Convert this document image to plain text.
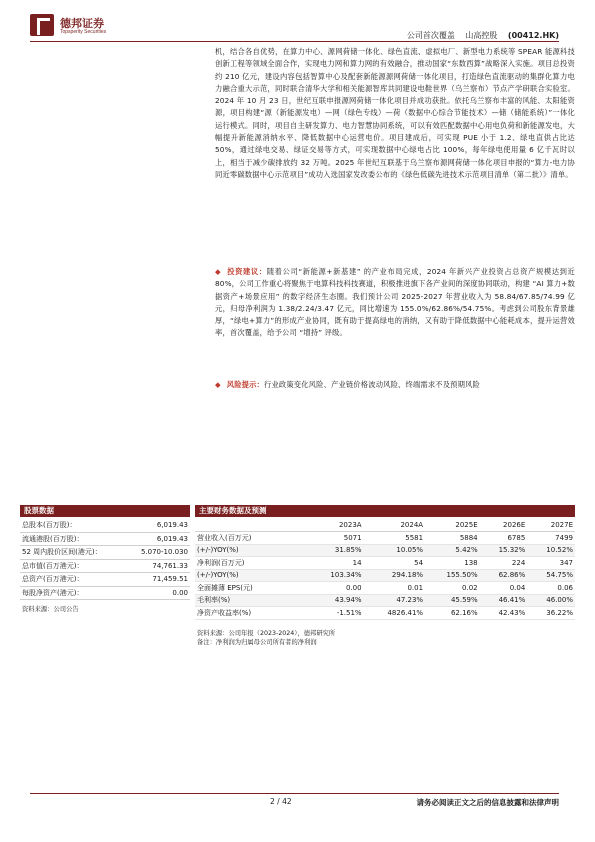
德邦证券
Topsperity Securities	公司首次覆盖 山高控股 (00412.HK)
机，结合各自优势，在算力中心、源网荷储一体化、绿色直流、虚拟电厂、新型电力系统等 SPEAR 能源科技创新工程等领域全面合作，实现电力网和算力网的有效融合，推动国家“东数西算”战略深入实施。项目总投资约 210 亿元，建设内容包括智算中心及配套新能源源网荷储一体化项目，打造绿色直流驱动的集群化算力电力融合重大示范，同时联合清华大学和相关能源智库共同建设电鞋世界（乌兰察布）节点产学研联合实验室。2024 年 10 月 23 日，世纪互联申报源网荷储一体化项目并成功获批。依托乌兰察布丰富的风能、太阳能资源，项目构建“源（新能源发电）—网（绿色专线）—荷（数据中心综合节能技术）—储（储能系统）”一体化运行模式。同时，项目自主研发算力、电力智慧协同系统，可以有效匹配数据中心用电负荷和新能源发电，大幅提升新能源消纳水平、降低数据中心运营电价。项目建成后，可实现 PUE 小于 1.2、绿电直供占比达 50%，通过绿电交易、绿证交易等方式，可实现数据中心绿电占比 100%，每年绿电使用量 6 亿千瓦时以上，相当于减少碳排放约 32 万吨。2025 年世纪互联基于乌兰察布源网荷储一体化项目申报的“算力-电力协同近零碳数据中心示范项目”成功入选国家发改委公布的《绿色低碳先进技术示范项目清单（第二批）》清单。
◆ 投资建议：随着公司“新能源+新基建” 的产业布局完成，2024 年新兴产业投资占总资产规模达到近 80%，公司工作重心将聚焦于电算科技科技赛道，积极推进旗下各产业间的深度协同联动，构建 “AI 算力+数据资产+场景应用” 的数字经济生态圈。我们预计公司 2025-2027 年营业收入为 58.84/67.85/74.99 亿元，归母净利润为 1.38/2.24/3.47 亿元，同比增速为 155.0%/62.86%/54.75%。考虑到公司股东背景雄厚，“绿电+算力”的形成产业协同，既有助于提高绿电的消纳，又有助于降低数据中心能耗成本，提升运营效率，首次覆盖，给予公司 “增持” 评级。
◆ 风险提示：行业政策变化风险、产业链价格波动风险、终端需求不及预期风险
股票数据
总股本(百万股)：	6,019.43
流通港股(百万股)：	6,019.43
52 周内股价区间(港元)：	5.070-10.030
总市值(百万港元)：	74,761.33
总资产(百万港元)：	71,459.51
每股净资产(港元)：	0.00
资料来源：公司公告
主要财务数据及预测
	2023A	2024A	2025E	2026E	2027E
营业收入(百万元)	5071	5581	5884	6785	7499
(+/-)YOY(%)	31.85%	10.05%	5.42%	15.32%	10.52%
净利润(百万元)	14	54	138	224	347
(+/-)YOY(%)	103.34%	294.18%	155.50%	62.86%	54.75%
全面摊薄 EPS(元)	0.00	0.01	0.02	0.04	0.06
毛利率(%)	43.94%	47.23%	45.59%	46.41%	46.00%
净资产收益率(%)	-1.51%	4826.41%	62.16%	42.43%	36.22%
资料来源：公司年报（2023-2024），德邦研究所
备注：净利润为归属母公司所有者的净利润
2 / 42	请务必阅读正文之后的信息披露和法律声明
